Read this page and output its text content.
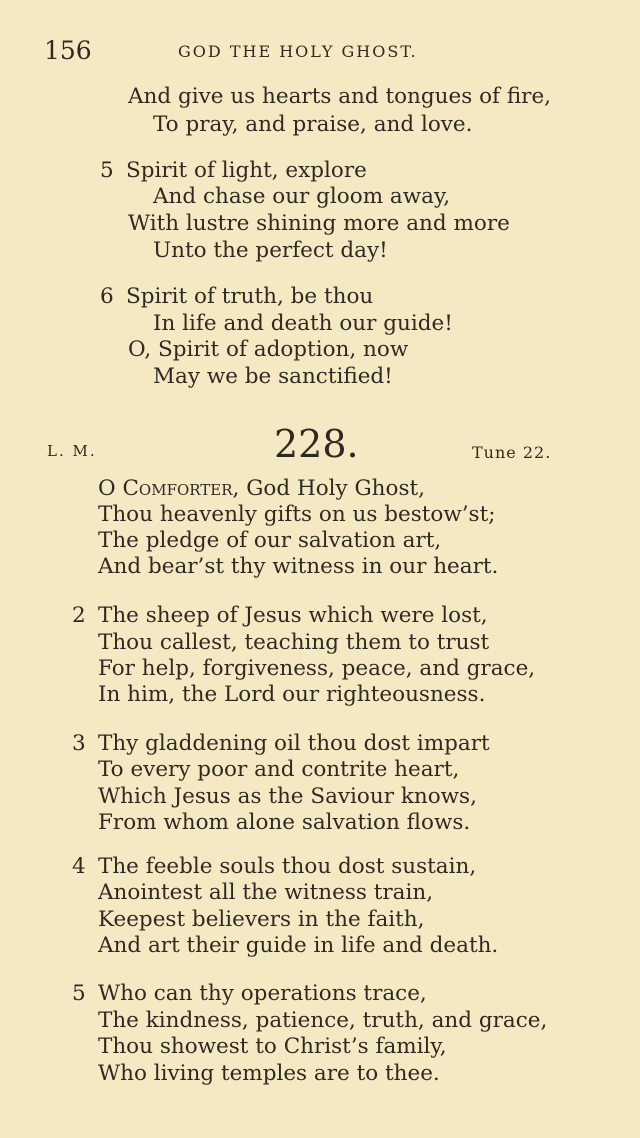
156	GOD THE HOLY GHOST.
And give us hearts and tongues of fire,
To pray, and praise, and love.
5 Spirit of light, explore
And chase our gloom away,
With lustre shining more and more
Unto the perfect day!
6 Spirit of truth, be thou
In life and death our guide!
O, Spirit of adoption, now
May we be sanctified!
L. M.	228.	Tune 22.
O Comforter, God Holy Ghost,
Thou heavenly gifts on us bestow’st;
The pledge of our salvation art,
And bear’st thy witness in our heart.
2 The sheep of Jesus which were lost,
Thou callest, teaching them to trust
For help, forgiveness, peace, and grace,
In him, the Lord our righteousness.
3 Thy gladdening oil thou dost impart
To every poor and contrite heart,
Which Jesus as the Saviour knows,
From whom alone salvation flows.
4 The feeble souls thou dost sustain,
Anointest all the witness train,
Keepest believers in the faith,
And art their guide in life and death.
5 Who can thy operations trace,
The kindness, patience, truth, and grace,
Thou showest to Christ’s family,
Who living temples are to thee.
